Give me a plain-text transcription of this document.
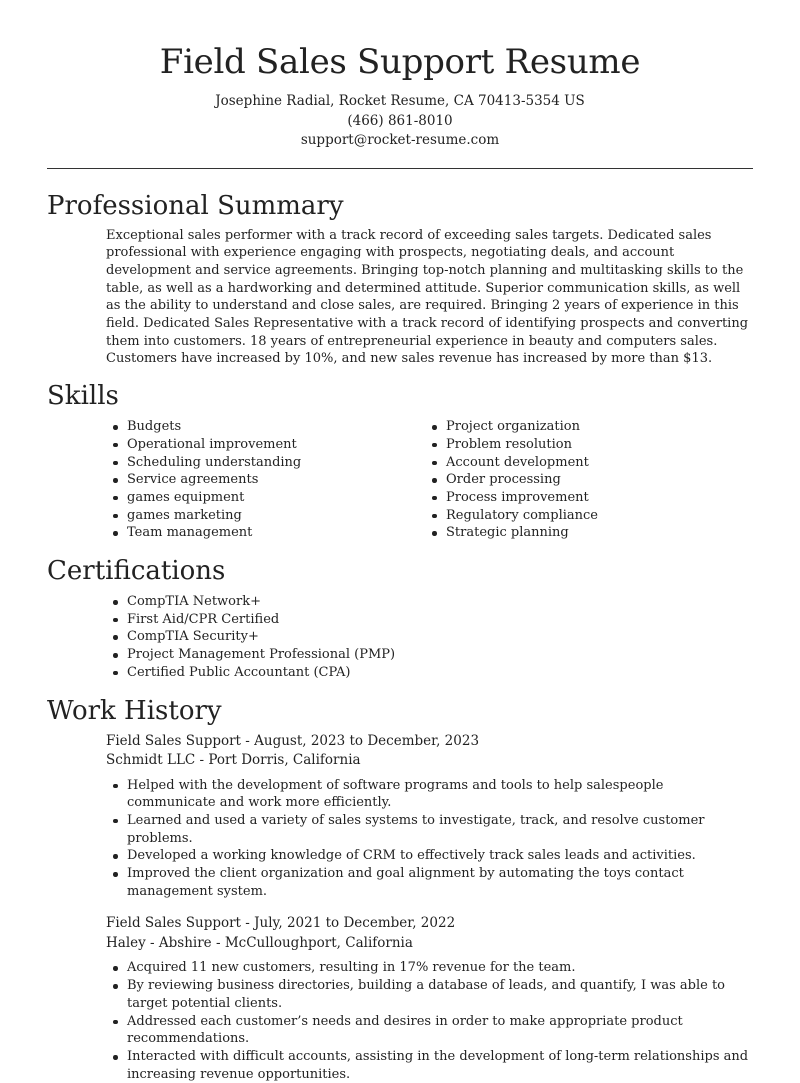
Field Sales Support Resume
Josephine Radial, Rocket Resume, CA 70413-5354 US
(466) 861-8010
support@rocket-resume.com
Professional Summary

Exceptional sales performer with a track record of exceeding sales targets. Dedicated sales professional with experience engaging with prospects, negotiating deals, and account development and service agreements. Bringing top-notch planning and multitasking skills to the table, as well as a hardworking and determined attitude. Superior communication skills, as well as the ability to understand and close sales, are required. Bringing 2 years of experience in this field. Dedicated Sales Representative with a track record of identifying prospects and converting them into customers. 18 years of entrepreneurial experience in beauty and computers sales. Customers have increased by 10%, and new sales revenue has increased by more than $13.

Skills
Budgets
Operational improvement
Scheduling understanding
Service agreements
games equipment
games marketing
Team management
Project organization
Problem resolution
Account development
Order processing
Process improvement
Regulatory compliance
Strategic planning
Certifications
CompTIA Network+
First Aid/CPR Certified
CompTIA Security+
Project Management Professional (PMP)
Certified Public Accountant (CPA)
Work History
Field Sales Support - August, 2023 to December, 2023
Schmidt LLC - Port Dorris, California
Helped with the development of software programs and tools to help salespeople communicate and work more efficiently.
Learned and used a variety of sales systems to investigate, track, and resolve customer problems.
Developed a working knowledge of CRM to effectively track sales leads and activities.
Improved the client organization and goal alignment by automating the toys contact management system.
Field Sales Support - July, 2021 to December, 2022
Haley - Abshire - McCulloughport, California
Acquired 11 new customers, resulting in 17% revenue for the team.
By reviewing business directories, building a database of leads, and quantify, I was able to target potential clients.
Addressed each customer’s needs and desires in order to make appropriate product recommendations.
Interacted with difficult accounts, assisting in the development of long-term relationships and increasing revenue opportunities.
